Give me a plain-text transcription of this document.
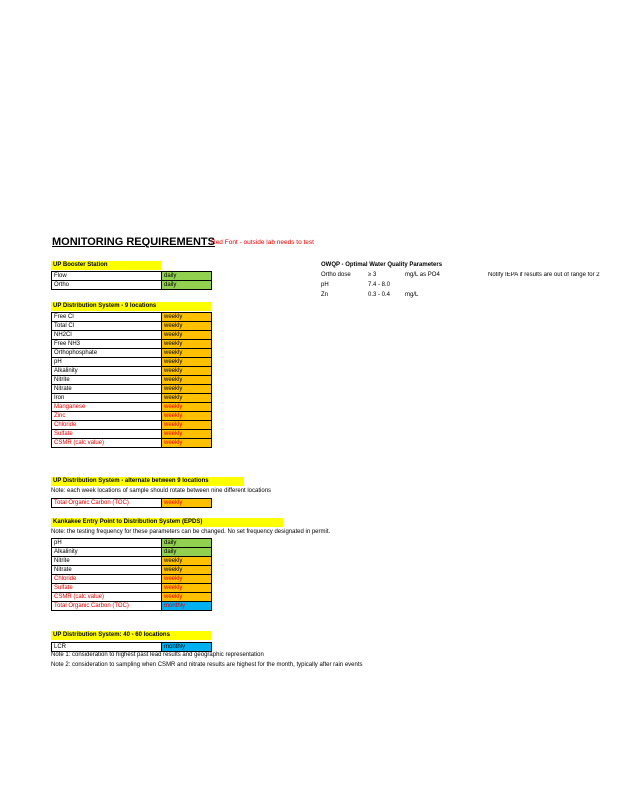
MONITORING REQUIREMENTS
Red Font - outside lab needs to test
UP Booster Station
Flow	daily
Ortho	daily
OWQP - Optimal Water Quality Parameters
Ortho dose	≥ 3	mg/L as PO4	Notify IEPA if results are out of range for 2
pH	7.4 - 8.0
Zn	0.3 - 0.4 mg/L
UP Distribution System - 9 locations
Free Cl	weekly
Total Cl	weekly
NH2Cl	weekly
Free NH3	weekly
Orthophosphate	weekly
pH	weekly
Alkalinity	weekly
Nitrite	weekly
Nitrate	weekly
Iron	weekly
Manganese	weekly
Zinc	weekly
Chloride	weekly
Sulfate	weekly
CSMR (calc value)	weekly
UP Distribution System - alternate between 9 locations
Note: each week locations of sample should rotate between nine different locations
Total Organic Carbon (TOC)	weekly
Kankakee Entry Point to Distribution System (EPDS)
Note: the testing frequency for these parameters can be changed. No set frequency designated in permit.
pH	daily
Alkalinity	daily
Nitrite	weekly
Nitrate	weekly
Chloride	weekly
Sulfate	weekly
CSMR (calc value)	weekly
Total Organic Carbon (TOC)	monthly
UP Distribution System: 40 - 60 locations
LCR	monthly
Note 1: consideration to highest past lead results and geographic representation
Note 2: consideration to sampling when CSMR and nitrate results are highest for the month, typically after rain events
